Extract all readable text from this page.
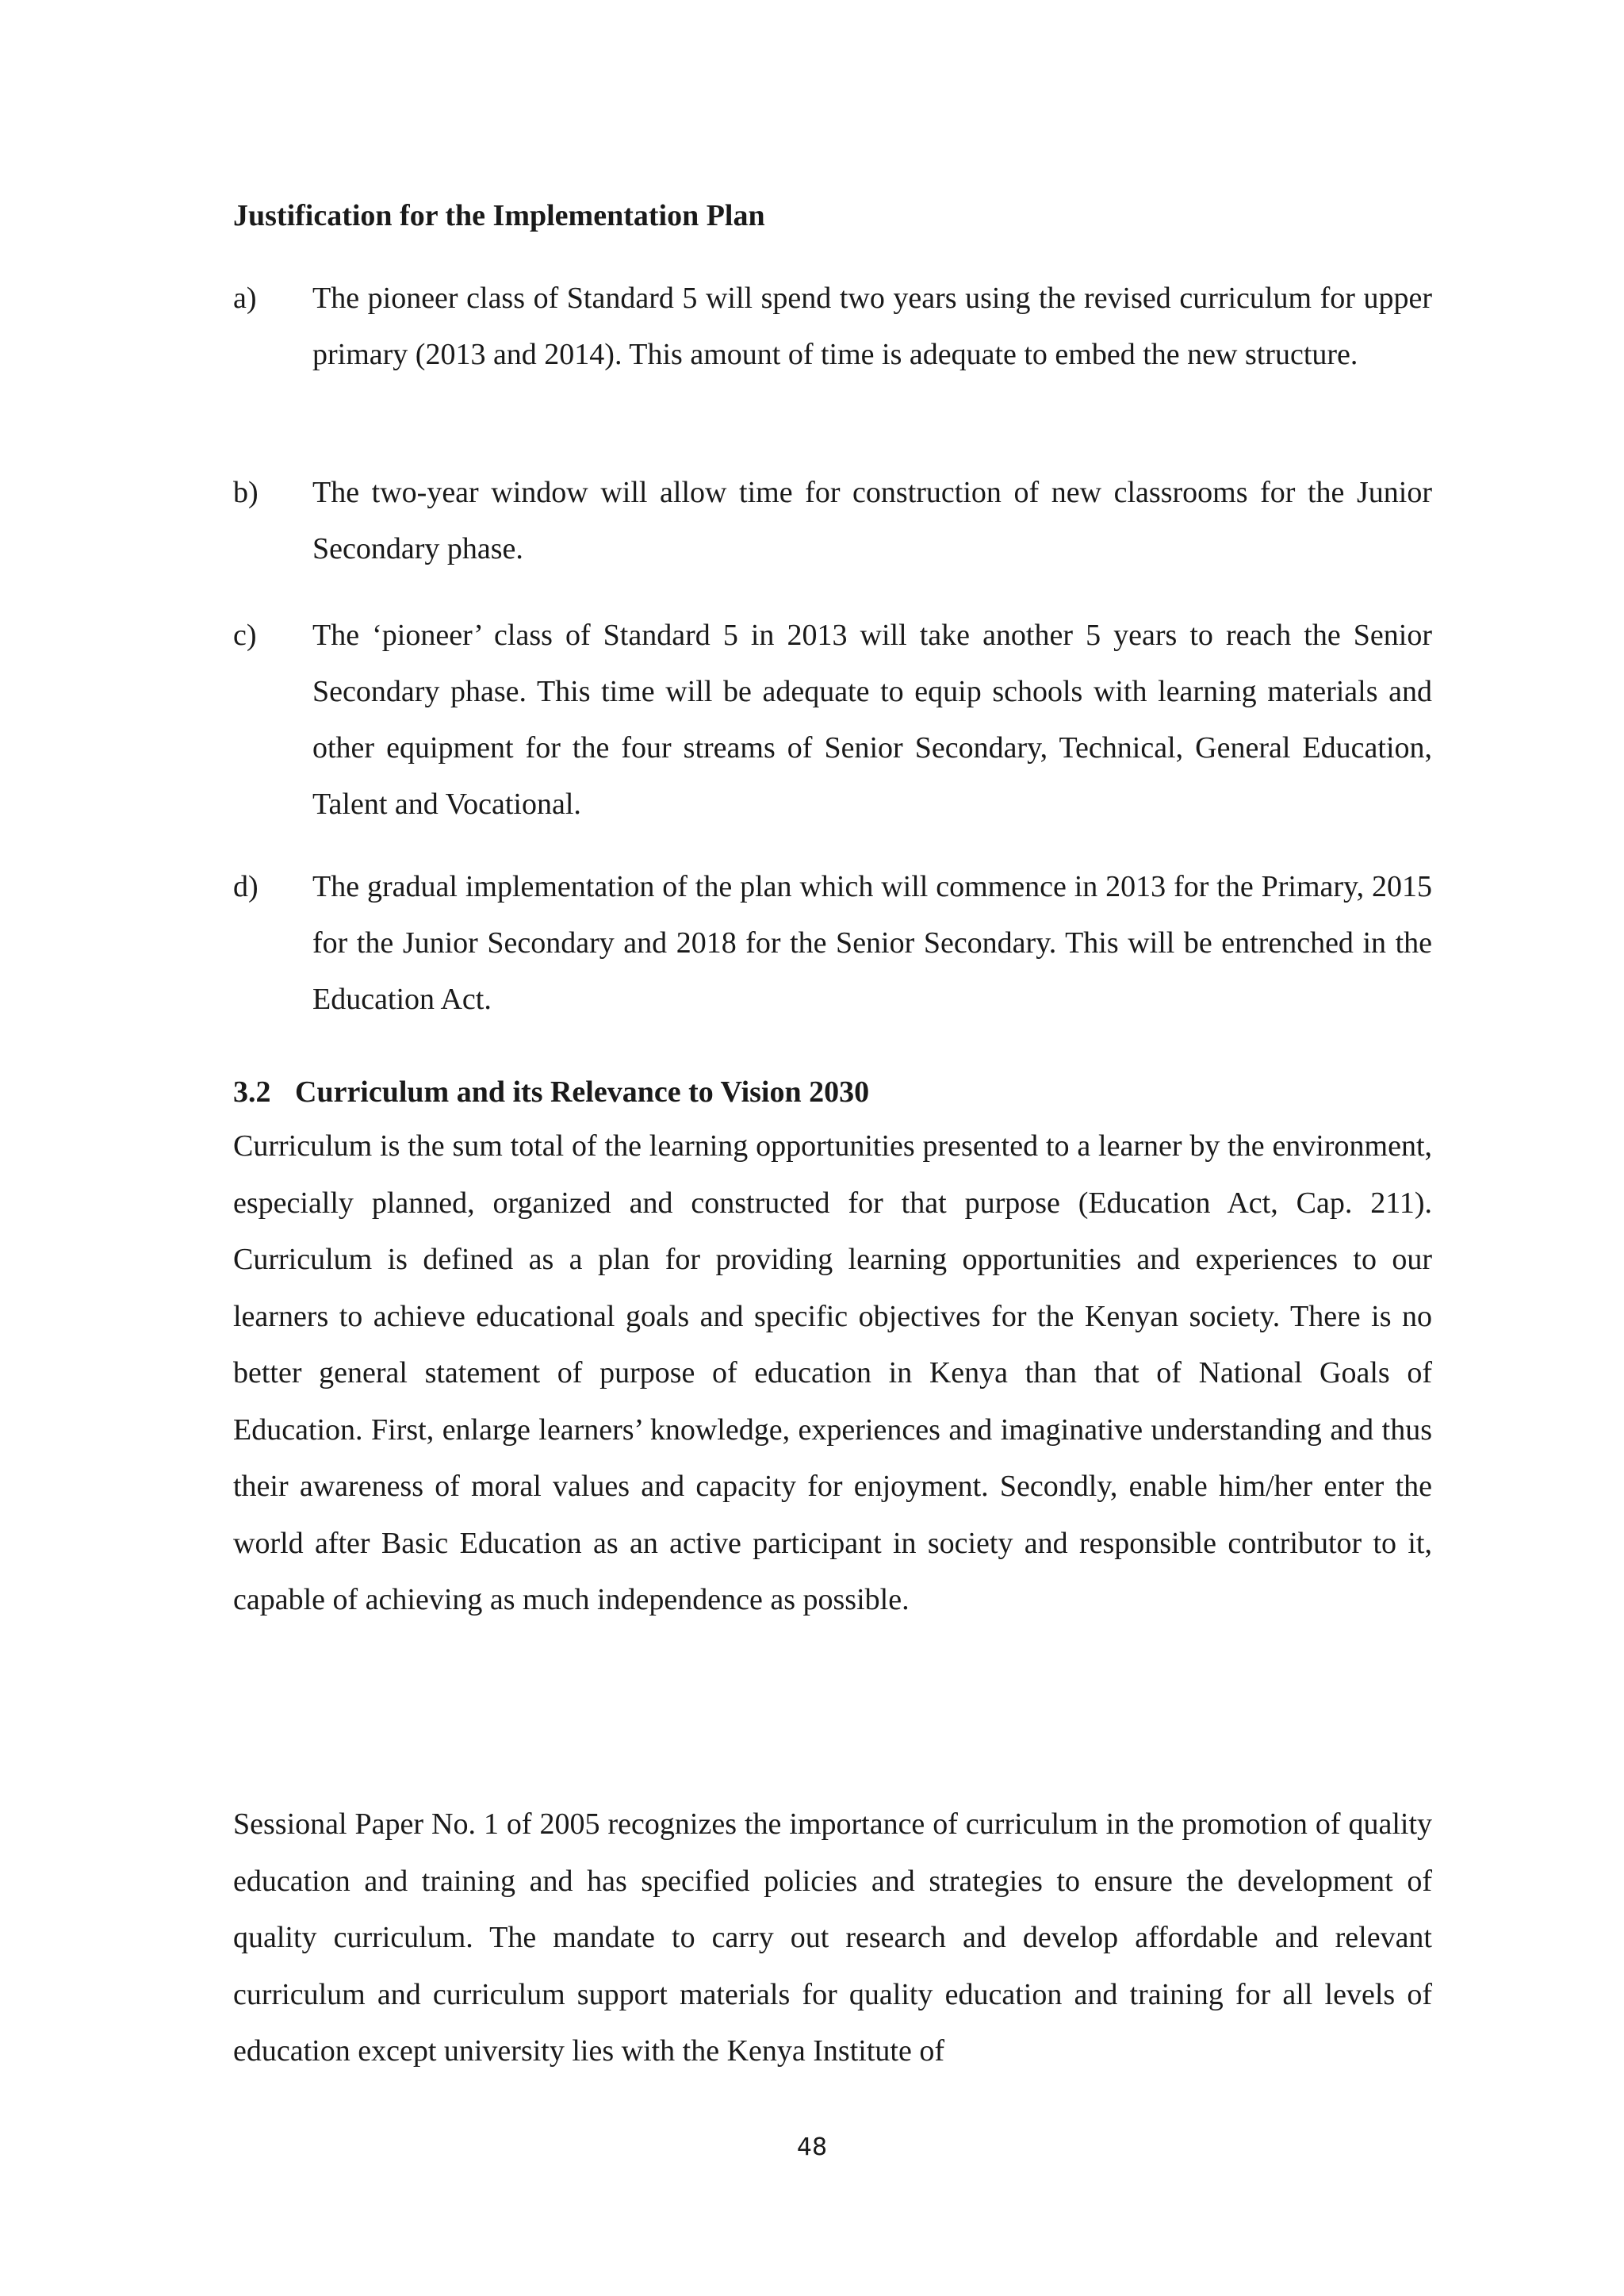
Justification for the Implementation Plan
a) The pioneer class of Standard 5 will spend two years using the revised curriculum for upper primary (2013 and 2014). This amount of time is adequate to embed the new structure.
b) The two-year window will allow time for construction of new classrooms for the Junior Secondary phase.
c) The ‘pioneer’ class of Standard 5 in 2013 will take another 5 years to reach the Senior Secondary phase. This time will be adequate to equip schools with learning materials and other equipment for the four streams of Senior Secondary, Technical, General Education, Talent and Vocational.
d) The gradual implementation of the plan which will commence in 2013 for the Primary, 2015 for the Junior Secondary and 2018 for the Senior Secondary. This will be entrenched in the Education Act.
3.2 Curriculum and its Relevance to Vision 2030

Curriculum is the sum total of the learning opportunities presented to a learner by the environment, especially planned, organized and constructed for that purpose (Education Act, Cap. 211). Curriculum is defined as a plan for providing learning opportunities and experiences to our learners to achieve educational goals and specific objectives for the Kenyan society. There is no better general statement of purpose of education in Kenya than that of National Goals of Education. First, enlarge learners’ knowledge, experiences and imaginative understanding and thus their awareness of moral values and capacity for enjoyment. Secondly, enable him/her enter the world after Basic Education as an active participant in society and responsible contributor to it, capable of achieving as much independence as possible.

Sessional Paper No. 1 of 2005 recognizes the importance of curriculum in the promotion of quality education and training and has specified policies and strategies to ensure the development of quality curriculum. The mandate to carry out research and develop affordable and relevant curriculum and curriculum support materials for quality education and training for all levels of education except university lies with the Kenya Institute of

48
